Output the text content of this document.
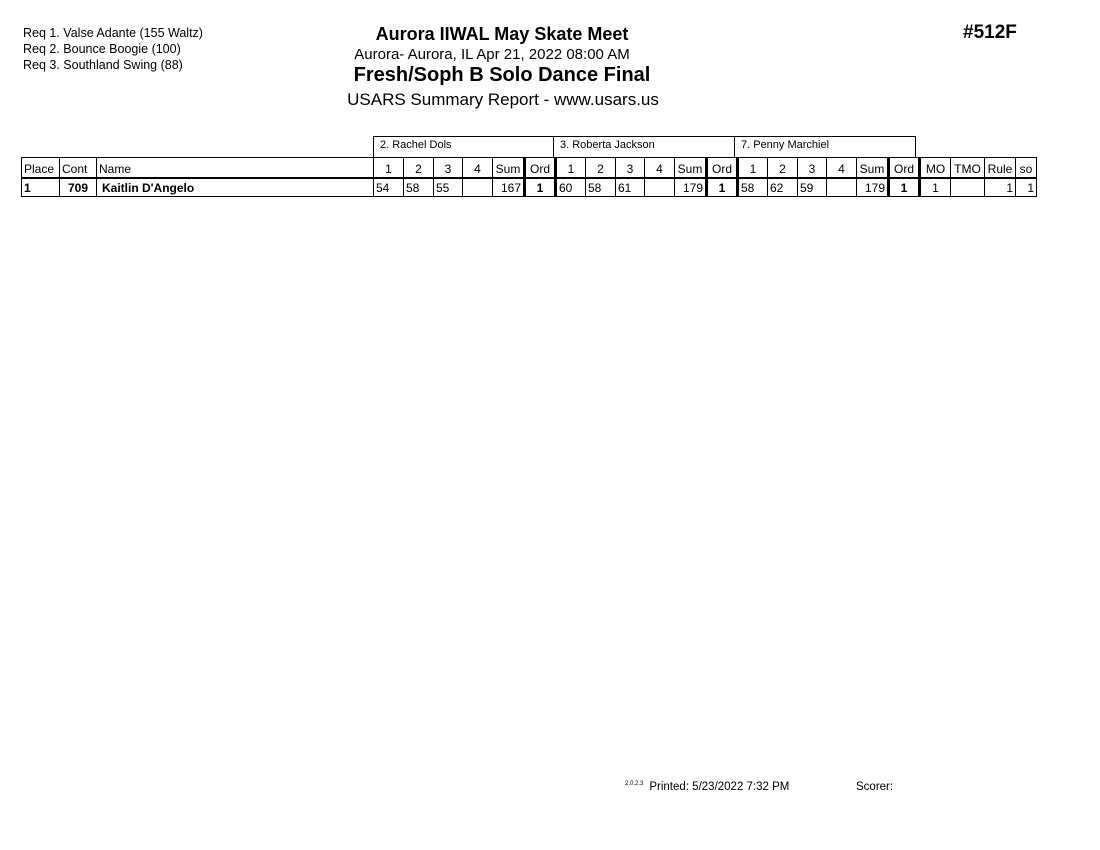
Req 1. Valse Adante (155 Waltz)
Req 2. Bounce Boogie (100)
Req 3. Southland Swing (88)
Aurora IIWAL May Skate Meet
Aurora- Aurora, IL Apr 21, 2022 08:00 AM
Fresh/Soph B Solo Dance Final
USARS Summary Report - www.usars.us
#512F
2. Rachel Dols	3. Roberta Jackson	7. Penny Marchiel
Place	Cont	Name	1	2	3	4	Sum	Ord	1	2	3	4	Sum	Ord	1	2	3	4	Sum	Ord	MO	TMO	Rule	so
1	709	Kaitlin D'Angelo	54	58	55		167	1	60	58	61		179	1	58	62	59		179	1	1		1	1
$^{2.0.2.3}$ Printed: 5/23/2022 7:32 PM	Scorer:
